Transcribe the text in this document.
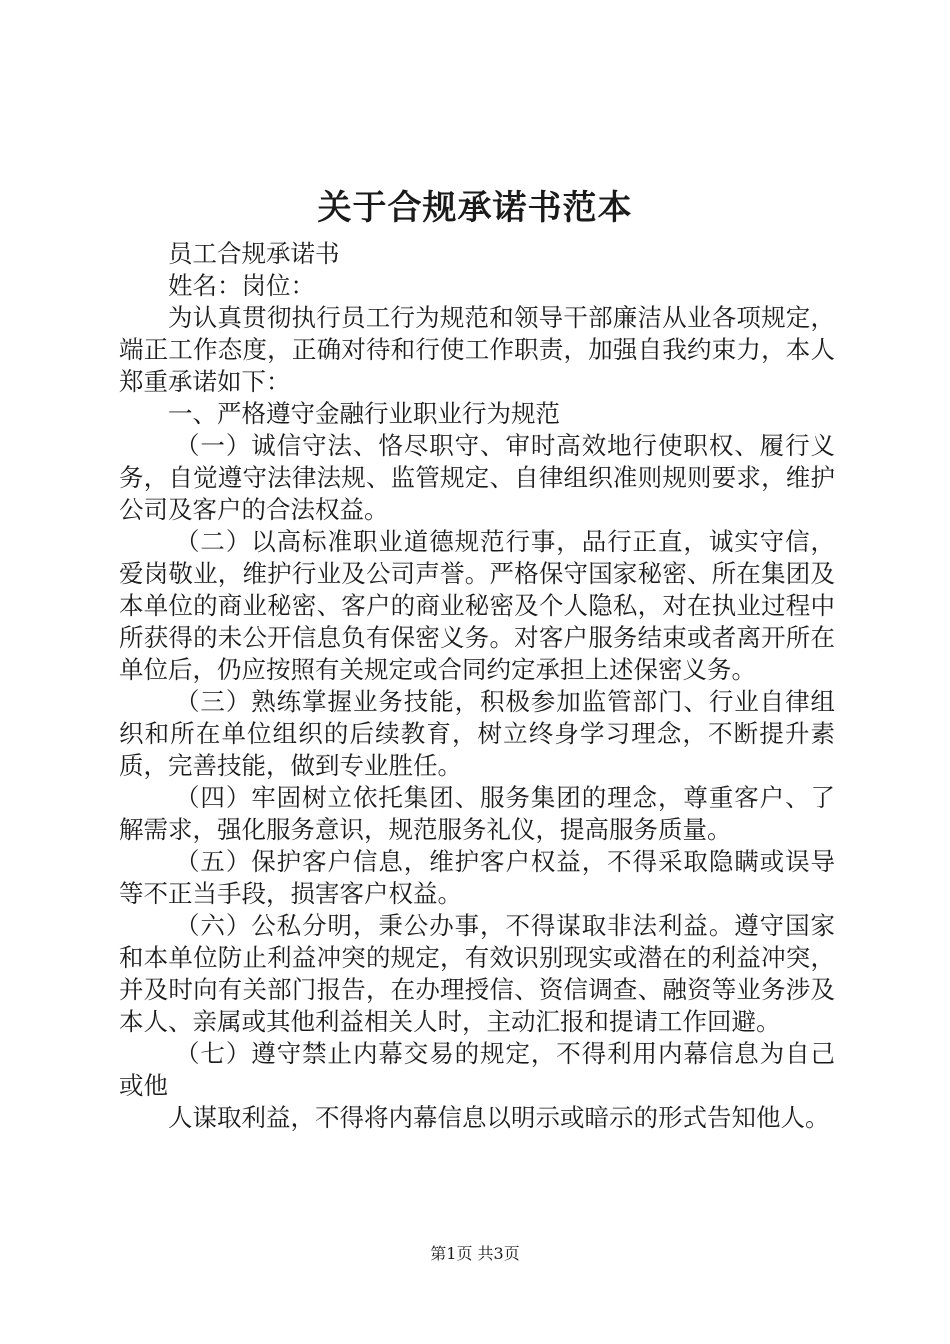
关于合规承诺书范本

员工合规承诺书

姓名：岗位：

为认真贯彻执行员工行为规范和领导干部廉洁从业各项规定，端正工作态度，正确对待和行使工作职责，加强自我约束力，本人郑重承诺如下：

一、严格遵守金融行业职业行为规范

（一）诚信守法、恪尽职守、审时高效地行使职权、履行义务，自觉遵守法律法规、监管规定、自律组织准则规则要求，维护公司及客户的合法权益。

（二）以高标准职业道德规范行事，品行正直，诚实守信，爱岗敬业，维护行业及公司声誉。严格保守国家秘密、所在集团及本单位的商业秘密、客户的商业秘密及个人隐私，对在执业过程中所获得的未公开信息负有保密义务。对客户服务结束或者离开所在单位后，仍应按照有关规定或合同约定承担上述保密义务。

（三）熟练掌握业务技能，积极参加监管部门、行业自律组织和所在单位组织的后续教育，树立终身学习理念，不断提升素质，完善技能，做到专业胜任。

（四）牢固树立依托集团、服务集团的理念，尊重客户、了解需求，强化服务意识，规范服务礼仪，提高服务质量。

（五）保护客户信息，维护客户权益，不得采取隐瞒或误导等不正当手段，损害客户权益。

（六）公私分明，秉公办事，不得谋取非法利益。遵守国家和本单位防止利益冲突的规定，有效识别现实或潜在的利益冲突，并及时向有关部门报告，在办理授信、资信调查、融资等业务涉及本人、亲属或其他利益相关人时，主动汇报和提请工作回避。

（七）遵守禁止内幕交易的规定，不得利用内幕信息为自己或他

人谋取利益，不得将内幕信息以明示或暗示的形式告知他人。

第1页 共3页
